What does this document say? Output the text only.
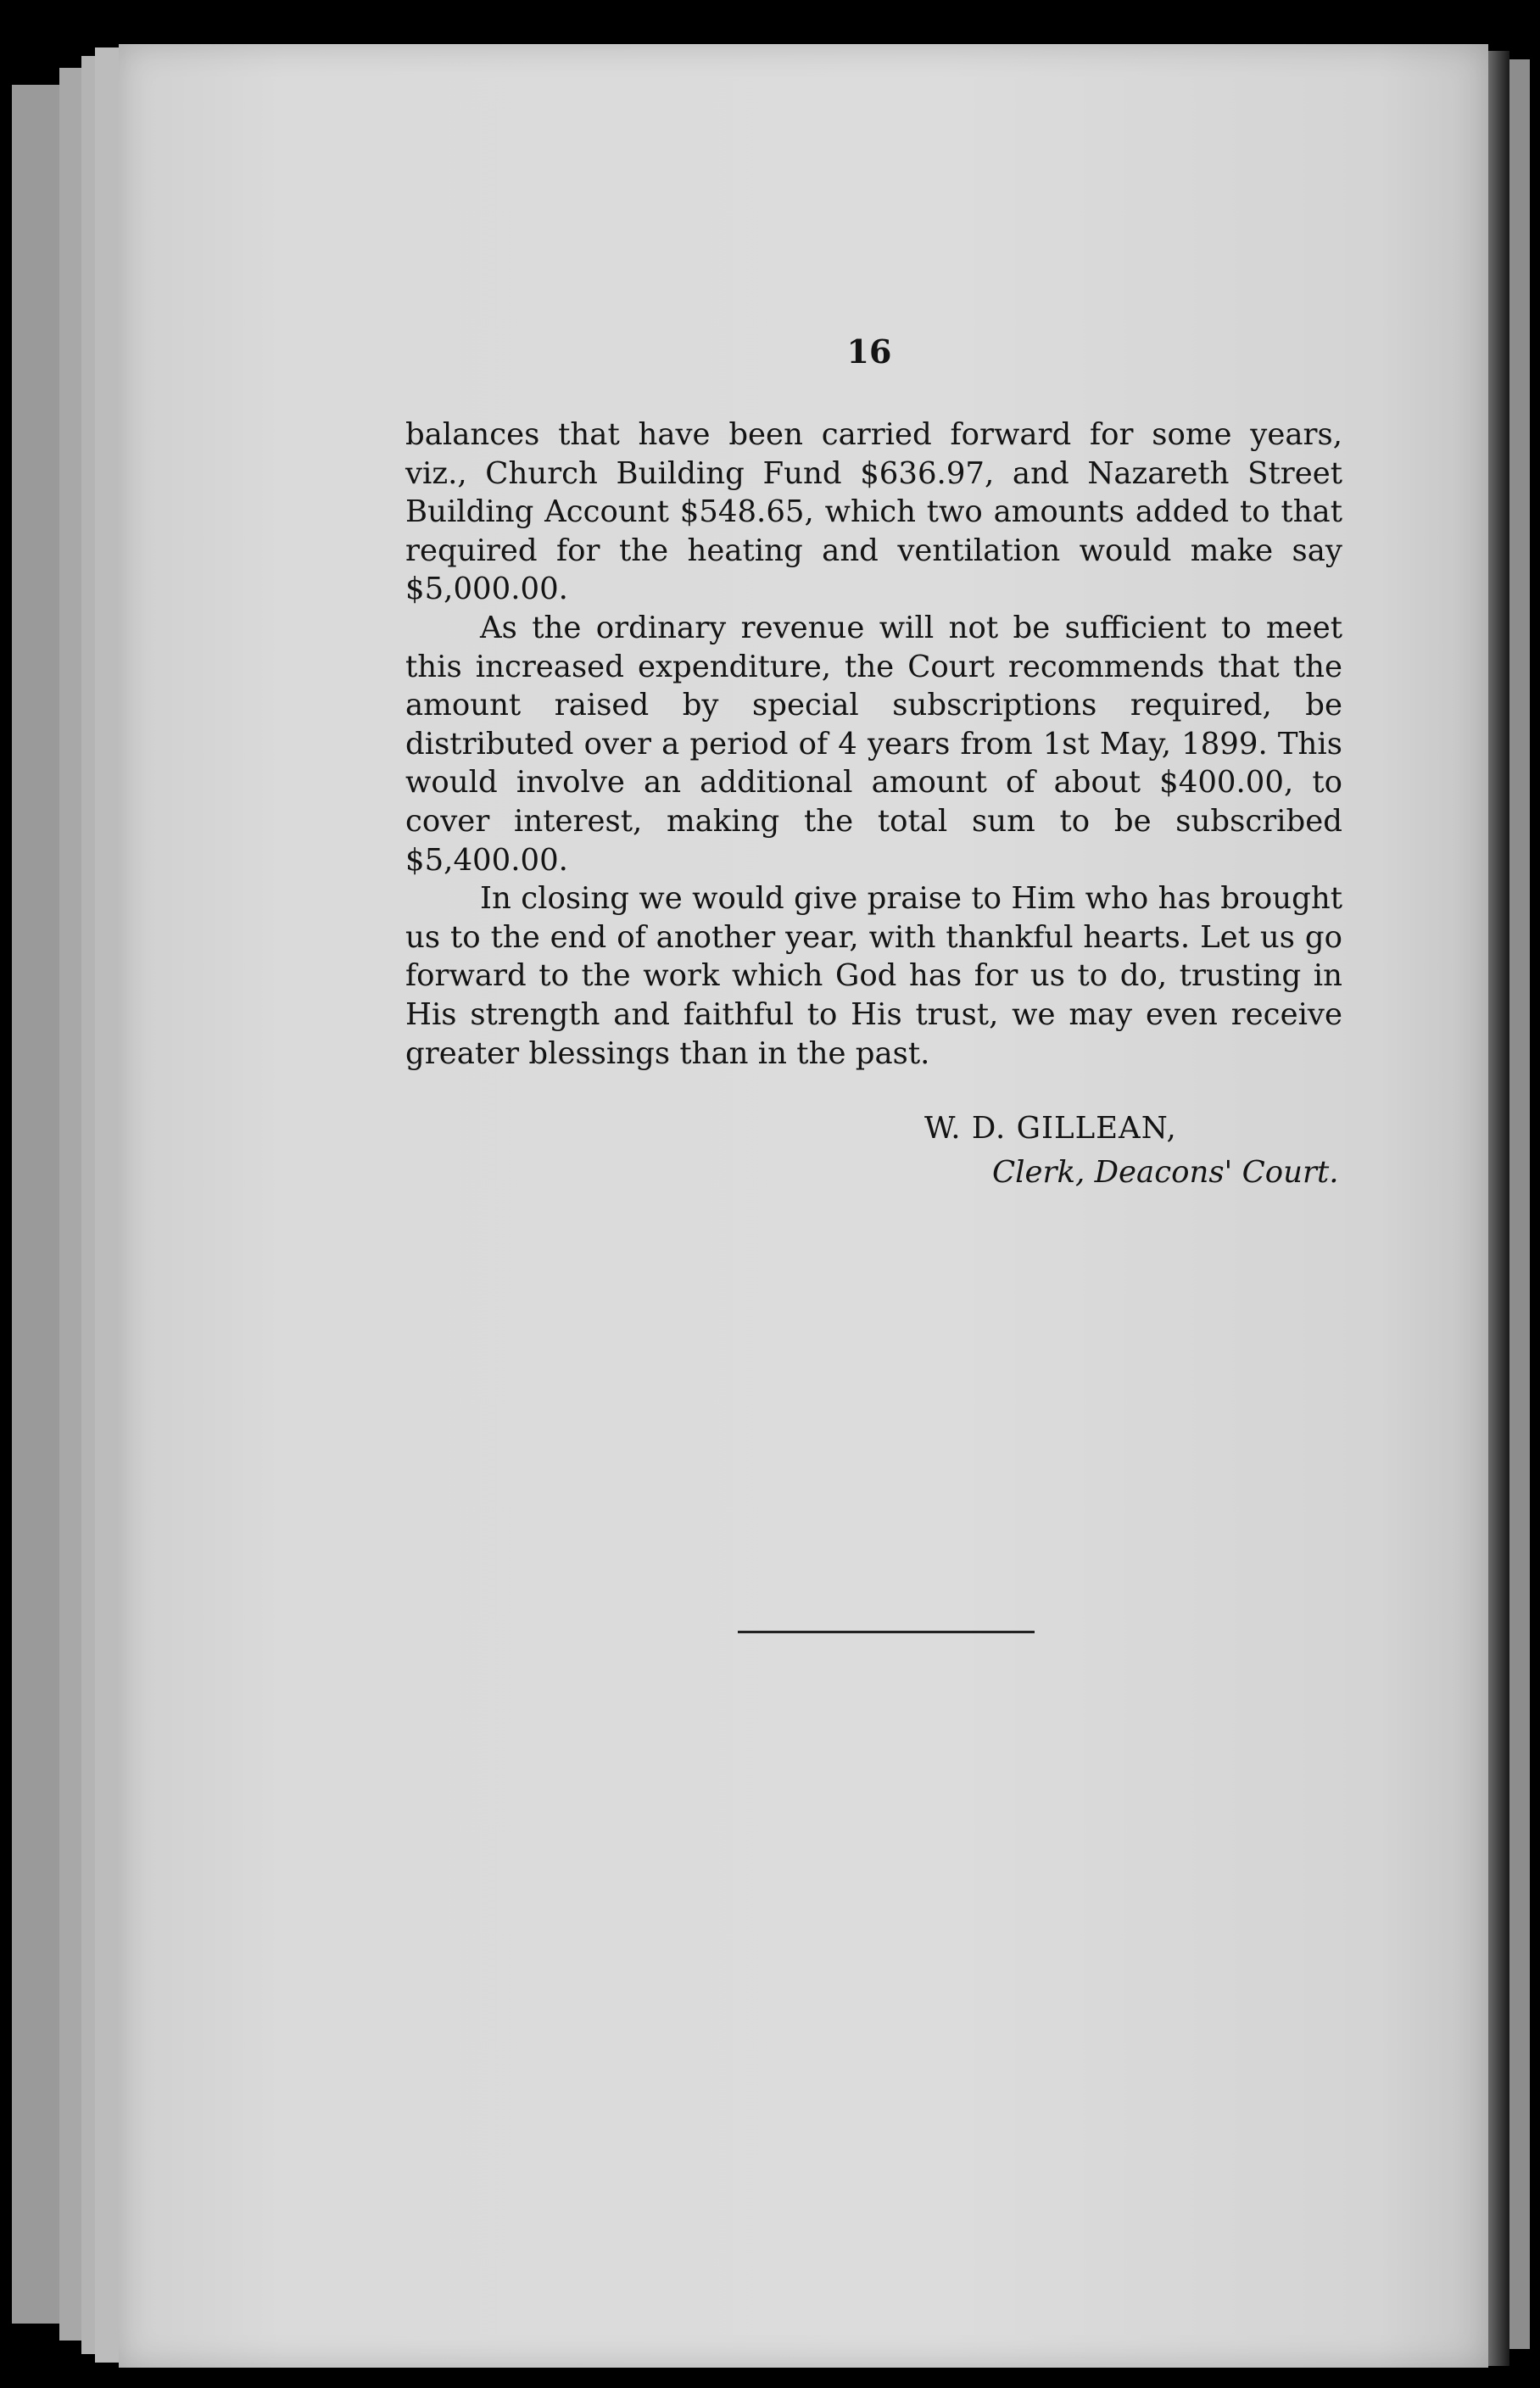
16

balances that have been carried forward for some years, viz., Church Building Fund $636.97, and Nazareth Street Building Account $548.65, which two amounts added to that required for the heating and ventilation would make say $5,000.00.

As the ordinary revenue will not be sufficient to meet this increased expenditure, the Court recommends that the amount raised by special subscriptions required, be distributed over a period of 4 years from 1st May, 1899. This would involve an additional amount of about $400.00, to cover interest, making the total sum to be subscribed $5,400.00.

In closing we would give praise to Him who has brought us to the end of another year, with thankful hearts. Let us go forward to the work which God has for us to do, trusting in His strength and faithful to His trust, we may even receive greater blessings than in the past.

W. D. GILLEAN,
Clerk, Deacons' Court.
